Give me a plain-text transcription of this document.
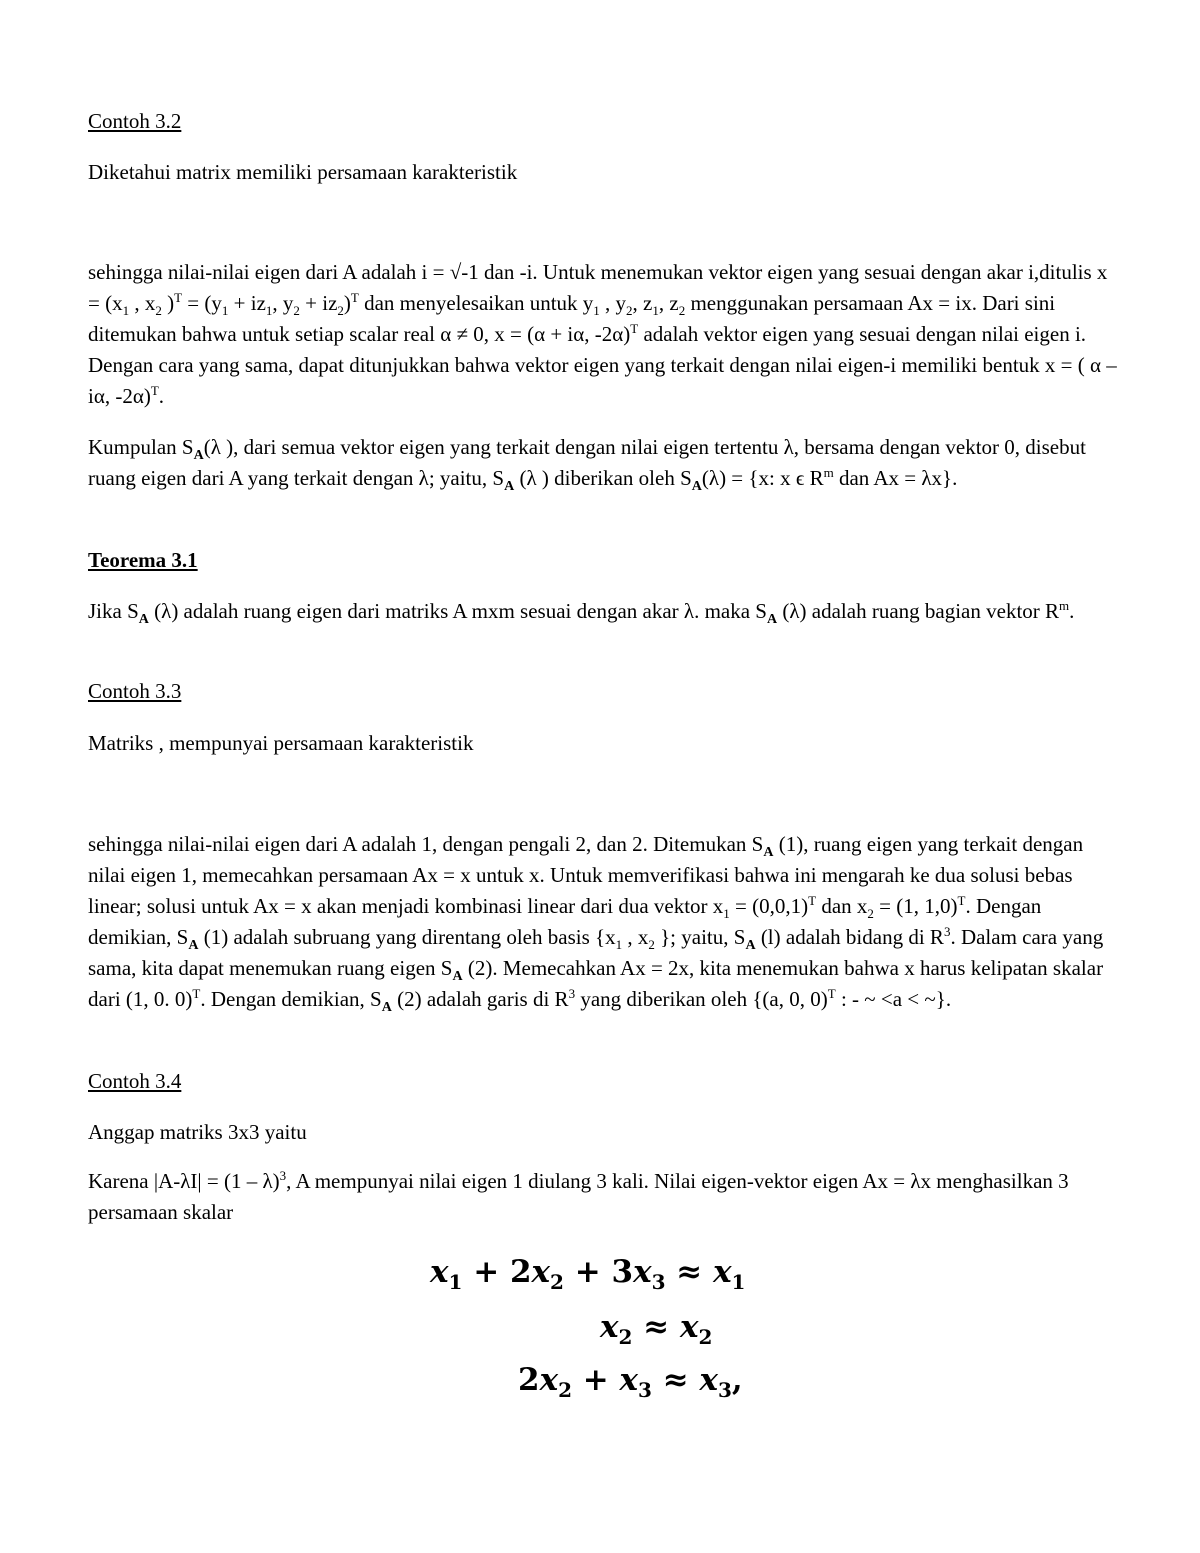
Contoh 3.2

Diketahui matrix memiliki persamaan karakteristik

sehingga nilai-nilai eigen dari A adalah i = √-1 dan -i. Untuk menemukan vektor eigen yang sesuai dengan akar i,ditulis $x = (x_1$ , $x_2$ )$^T = (y_1 + iz_1$, $y_2 + iz_2)^T$ dan menyelesaikan untuk $y_1$ , $y_2$, $z_1$, $z_2$ menggunakan persamaan Ax = ix. Dari sini ditemukan bahwa untuk setiap scalar real α ≠ 0, x = (α + iα, -2α)$^T$ adalah vektor eigen yang sesuai dengan nilai eigen i. Dengan cara yang sama, dapat ditunjukkan bahwa vektor eigen yang terkait dengan nilai eigen-i memiliki bentuk x = ( α – iα, -2α)$^T$.

Kumpulan $S_A(\lambda$ ), dari semua vektor eigen yang terkait dengan nilai eigen tertentu λ, bersama dengan vektor 0, disebut ruang eigen dari A yang terkait dengan λ; yaitu, $S_A$ (λ ) diberikan oleh $S_A(\lambda) = \{x$: x ϵ $R^m$ dan Ax = λx}.

Teorema 3.1

Jika $S_A$ (λ) adalah ruang eigen dari matriks A mxm sesuai dengan akar λ. maka $S_A$ (λ) adalah ruang bagian vektor $R^m$.

Contoh 3.3

Matriks , mempunyai persamaan karakteristik

sehingga nilai-nilai eigen dari A adalah 1, dengan pengali 2, dan 2. Ditemukan $S_A$ (1), ruang eigen yang terkait dengan nilai eigen 1, memecahkan persamaan Ax = x untuk x. Untuk memverifikasi bahwa ini mengarah ke dua solusi bebas linear; solusi untuk Ax = x akan menjadi kombinasi linear dari dua vektor $x_1 = (0,0,1)^T$ dan $x_2 = (1$, 1,0)$^T$. Dengan demikian, $S_A$ (1) adalah subruang yang direntang oleh basis {$x_1$ , $x_2$ }; yaitu, $S_A$ (l) adalah bidang di $R^3$. Dalam cara yang sama, kita dapat menemukan ruang eigen $S_A$ (2). Memecahkan Ax = 2x, kita menemukan bahwa x harus kelipatan skalar dari (1, 0. 0)$^T$. Dengan demikian, $S_A$ (2) adalah garis di $R^3$ yang diberikan oleh {(a, 0, 0)$^T$ : - ~ <a < ~}.

Contoh 3.4

Anggap matriks 3x3 yaitu

Karena |A-λI| = (1 – λ)$^3$, A mempunyai nilai eigen 1 diulang 3 kali. Nilai eigen-vektor eigen Ax = λx menghasilkan 3 persamaan skalar

$x_1 + 2x_2 + 3x_3 \approx x_1$
$x_2 \approx x_2$
$2x_2 + x_3 \approx x_3$,
